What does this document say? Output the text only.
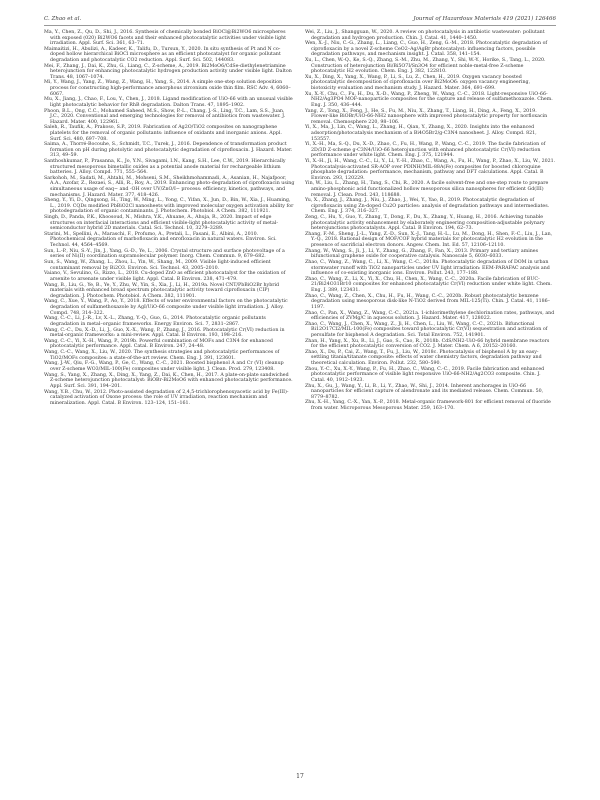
C. Zhao et al.	Journal of Hazardous Materials 419 (2021) 126466

Ma, Y., Chen, Z., Qu, D., Shi, J., 2016. Synthesis of chemically bonded BiOCl@Bi2WO6 microspheres with exposed (020) Bi2WO6 facets and their enhanced photocatalytic activities under visible light irradiation. Appl. Surf. Sci. 361, 63–71.

Maimaitizi, H., Abulizi, A., Kadeer, K., Talifu, D., Tursun, Y., 2020. In situ synthesis of Pt and N co-doped hollow hierarchical BiOCl microsphere as an efficient photocatalyst for organic pollutant degradation and photocatalytic CO2 reduction. Appl. Surf. Sci. 502, 144083.

Mei, F., Zhang, J., Dai, K., Zhu, G., Liang, C., Z-scheme, A., 2019. Bi2MoO6/CdSe-diethylenetriamine heterojunction for enhancing photocatalytic hydrogen production activity under visible light. Dalton Trans. 48, 1067–1074.

Mi, Y., Wang, J., Yang, Z., Wang, Z., Wang, H., Yang, S., 2014. A simple one-step solution deposition process for constructing high-performance amorphous zirconium oxide thin film. RSC Adv. 4, 6060–6067.

Mu, X., Jiang, J., Chao, F., Lou, Y., Chen, J., 2018. Ligand modification of UiO-66 with an unusual visible light photocatalytic behavior for RhB degradation. Dalton Trans. 47, 1895–1902.

Phoon, B.L., Ong, C.C., Mohamed Saheed, M.S., Show, P.-L., Chang, J.-S., Ling, T.C., Lam, S.S., Juan, J.C., 2020. Conventional and emerging technologies for removal of antibiotics from wastewater. J. Hazard. Mater. 400, 122961.

Saleh, R., Taufik, A., Prakoso, S.P., 2019. Fabrication of Ag2O/TiO2 composites on nanographene platelets for the removal of organic pollutants: influence of oxidants and inorganic anions. Appl. Surf. Sci. 480, 697–708.

Saima, A., Thorré-Bocouhe, S., Schmidt, T.C., Turek, J., 2016. Dependence of transformation product formation on pH during photolytic and photocatalytic degradation of ciprofloxacin. J. Hazard. Mater. 313, 49–59.

Santhoshkumar, P., Prasanna, K., Jo, Y.N., Sivagami, I.N., Kang, S.H., Lee, C.W., 2019. Hierarchically structured mesoporous bimetallic oxides as a potential anode material for rechargeable lithium batteries. J. Alloy. Compd. 771, 555–564.

Sarkohoh, M., Sadati, M., Ahtahi, M., Mohseni, S.M., Sheikhmohammadi, A., Asanian, H., Najafpoor, A.A., Azofar, Z., Rezaei, S., Alli, R., Roy, A., 2019. Enhancing photo-degradation of ciprofloxacin using simultaneous usage of eaq− and ·OH over UV/ZnO/I− process: efficiency, kinetics, pathways, and mechanisms. J. Hazard. Mater. 377, 418–426.

Sheng, Y., Yi, D., Qingsong, H., Ting, W., Ming, L., Yong, C., Yifan, X., Jun, D., Bin, W., Xia, J., Huaming, L., 2019. CQDs modified PbBiO2Cl nanosheets with improved molecular oxygen activation ability for photodegradation of organic contaminants. J. Photochem. Photobiol. A Chem. 382, 111921.

Singh, D., Panda, P.K., Khoosoud, N., Mishra, Y.K., Ahuane, A., Ahuja, R., 2020. Impact of edge structures on interfacial interactions and efficient visible-light photocatalytic activity of metal-semiconductor hybrid 2D materials. Catal. Sci. Technol. 10, 3279–3289.

Starini, M., Spellini, A., Maraschi, F., Profumo, A., Pretali, L., Fasani, E., Albini, A., 2010. Photochemical degradation of marbofloxacin and enrofloxacin in natural waters. Environ. Sci. Technol. 44, 4564–4569.

Sun, L.-P., Niu, S.-Y., Jin, J., Yang, G.-D., Ye, L., 2006. Crystal structure and surface photovoltage of a series of Ni(II) coordination supramolecular polymer. Inorg. Chem. Commun. 9, 679–682.

Sun, S., Wang, W., Zhang, L., Zhou, L., Yin, W., Shang, M., 2009. Visible light-induced efficient contaminant removal by Bi2O3. Environ. Sci. Technol. 43, 2005–2010.

Vaiano, V., Sevulino, G., Rizzo, L., 2018. Cu-doped ZnO as efficient photocatalyst for the oxidation of arsenite to arsenate under visible light. Appl. Catal. B Environ. 238, 471–479.

Wang, B., Liu, G., Ye, B., Ye, Y., Zhu, W., Yin, S., Xia, J., Li, H., 2019a. Novel CNT/PbBiO2Br hybrid materials with enhanced broad spectrum photocatalytic activity toward ciprofloxacin (CIP) degradation. J. Photochem. Photobiol. A Chem. 382, 111901.

Wang, C., Xue, Y., Wang, P., Ao, Y., 2018. Effects of water environmental factors on the photocatalytic degradation of sulfamethoxazole by AgI/UiO-66 composite under visible light irradiation. J. Alloy. Compd. 748, 314–322.

Wang, C.-C., Li, J.-R., Lv, X.-L., Zhang, Y.-Q., Guo, G., 2014. Photocatalytic organic pollutants degradation in metal–organic frameworks. Energy Environ. Sci. 7, 2831–2867.

Wang, C.-C., Du, X.-D., Li, J., Guo, X.-X., Wang, P., Zhang, J., 2016. Photocatalytic Cr(VI) reduction in metal-organic frameworks: a mini-review. Appl. Catal. B Environ. 193, 198–216.

Wang, C.-C., Yi, X.-H., Wang, P., 2019b. Powerful combination of MOFs and C3N4 for enhanced photocatalytic performance. Appl. Catal. B Environ. 247, 24–48.

Wang, C.-C., Wang, X., Liu, W., 2020. The synthesis strategies and photocatalytic performances of TiO2/MOFs composites: a state-of-the-art review. Chem. Eng. J. 391, 123601.

Wang, J.-W., Qiu, F.-G., Wang, P., Ge, C., Wang, C.-C., 2021. Boosted bisphenol A and Cr (VI) cleanup over Z-scheme WO3/MIL-100(Fe) composites under visible light. J. Clean. Prod. 279, 123408.

Wang, S., Yang, X., Zhang, X., Ding, X., Yang, Z., Dai, K., Chen, H., 2017. A plate-on-plate sandwiched Z-scheme heterojunction photocatalyst: BiOBr-Bi2MoO6 with enhanced photocatalytic performance. Appl. Surf. Sci. 391, 194–201.

Wang, Y.B., Chu, W., 2012. Photo-assisted degradation of 2,4,5-trichlorophenoxyacetic acid by Fe(III)-catalyzed activation of Oxone process: the role of UV irradiation, reaction mechanism and mineralization. Appl. Catal. B Environ. 123–124, 151–161.

Wei, Z., Liu, J., Shangguan, W., 2020. A review on photocatalysis in antibiotic wastewater: pollutant degradation and hydrogen production. Chin. J. Catal. 41, 1440–1450.

Wen, X.-J., Niu, C.-G., Zhang, L., Liang, C., Guo, H., Zeng, G.-M., 2018. Photocatalytic degradation of ciprofloxacin by a novel Z-scheme CeO2–Ag/AgBr photocatalyst: influencing factors, possible degradation pathways, and mechanism insight. J. Catal. 358, 141–154.

Xu, L., Chen, W.-Q., Ke, S.-Q., Zhang, S.-M., Zhu, M., Zhang, Y., Shi, W.-Y., Horike, S., Tang, L., 2020. Construction of heterojunction Bi/Bi5O7I/Sn3O4 for efficient noble-metal-free Z-scheme photocatalytic H2 evolution. Chem. Eng. J. 382, 122810.

Xu, X., Ding, X., Yang, X., Wang, P., Li, S., Lu, Z., Chen, H., 2019. Oxygen vacancy boosted photocatalytic decomposition of ciprofloxacin over Bi2MoO6: oxygen vacancy engineering, biotoxicity evaluation and mechanism study. J. Hazard. Mater. 364, 691–699.

Xu, X.-Y., Chu, C., Fu, H., Du, X.-D., Wang, P., Zheng, W., Wang, C.-C., 2018. Light-responsive UiO-66-NH2/Ag3PO4 MOF-nanoparticle composites for the capture and release of sulfamethoxazole. Chem. Eng. J. 350, 436–444.

Yang, Z., Tong, X., Feng, J., He, S., Fu, M., Niu, X., Zhang, T., Liang, H., Ding, A., Feng, X., 2019. Flower-like BiOBr/UiO-66-NH2 nanosphere with improved photocatalytic property for norfloxacin removal. Chemosphere 220, 98–106.

Yi, X., Ma, J., Lin, C., Wang, L., Zhang, H., Qian, Y., Zhang, X., 2020. Insights into the enhanced adsorption/photocatalysis mechanism of a Bi4O5Br2/g-C3N4 nanosheet. J. Alloy. Compd. 821, 153557.

Yi, X.-H., Ma, S.-Q., Du, X.-D., Zhao, C., Fu, H., Wang, P., Wang, C.-C., 2019. The facile fabrication of 2D/3D Z-scheme g-C3N4/UiO-66 heterojunction with enhanced photocatalytic Cr(VI) reduction performance under white light. Chem. Eng. J. 375, 121944.

Yi, X.-H., Ji, H., Wang, C.-C., Li, Y., Li, Y.-H., Zhao, C., Wang, A., Fu, H., Wang, P., Zhao, X., Liu, W., 2021. Photocatalysis-activated SR-AOP over PDINH/MIL-88A(Fe) composites for boosted chloroquine phosphate degradation: performance, mechanism, pathway and DFT calculations. Appl. Catal. B Environ. 293, 120229.

Yin, W., Liu, L., Zhang, H., Tang, S., Chi, R., 2020. A facile solvent-free and one-step route to prepare amino-phosphonic acid functionalized hollow mesoporous silica nanospheres for efficient Gd(III) removal. J. Clean. Prod. 243, 118688.

Yu, X., Zhang, J., Zhang, J., Niu, J., Zhao, J., Wei, Y., Yao, B., 2019. Photocatalytic degradation of ciprofloxacin using Zn-doped Cu2O particles: analysis of degradation pathways and intermediates. Chem. Eng. J. 374, 316–327.

Zeng, C., Hu, Y., Guo, Y., Zhang, T., Dong, F., Du, X., Zhang, Y., Huang, H., 2016. Achieving tunable photocatalytic activity enhancement by elaborately engineering composition-adjustable polynary heterojunctions photocatalysts. Appl. Catal. B Environ. 194, 62–73.

Zhang, F.-M., Sheng, J.-L., Yang, Z.-D., Sun, X.-J., Tang, H.-L., Lu, M., Dong, H., Shen, F.-C., Liu, J., Lan, Y.-Q., 2018. Rational design of MOF/COF hybrid materials for photocatalytic H2 evolution in the presence of sacrificial electron donors. Angew. Chem. Int. Ed. 57, 12106–12110.

Zhang, W., Wang, S., Ji, J., Li, Y., Zhang, G., Zhang, F., Fan, X., 2013. Primary and tertiary amines bifunctional graphene oxide for cooperative catalysis. Nanoscale 5, 6030–6033.

Zhao, C., Wang, Z., Wang, C., Li, X., Wang, C.-C., 2018a. Photocatalytic degradation of DOM in urban stormwater runoff with TiO2 nanoparticles under UV light irradiation: EEM-PARAFAC analysis and influence of co-existing inorganic ions. Environ. Pollut. 243, 177–188.

Zhao, C., Wang, Z., Li, X., Yi, X., Chu, H., Chen, X., Wang, C.-C., 2020a. Facile fabrication of BUC-21/Bi24O31Br10 composites for enhanced photocatalytic Cr(VI) reduction under white light. Chem. Eng. J. 389, 123431.

Zhao, C., Wang, Z., Chen, X., Chu, H., Fu, H., Wang, C.-C., 2020b. Robust photocatalytic benzene degradation using mesoporous disk-like N-TiO2 derived from MIL-125(Ti). Chin. J. Catal. 41, 1186–1197.

Zhao, C., Pan, X., Wang, Z., Wang, C.-C., 2021a. 1-ichlorimethylene dechlorination rates, pathways, and efficiencies of ZVMg/C in aqueous solution. J. Hazard. Mater. 417, 128022.

Zhao, C., Wang, J., Chen, X., Wang, Z., Ji, H., Chen, L., Liu, W., Wang, C.-C., 2021b. Bifunctional Bi12O17Cl2/MIL-100(Fe) composites toward photocatalytic Cr(VI) sequestration and activation of persulfate for bisphenol A degradation. Sci. Total Environ. 752, 141901.

Zhan, H., Yang, X., Xu, R., Li, J., Gao, S., Cao, R., 2018b. CdS/NH2-UiO-66 hybrid membrane reactors for the efficient photocatalytic conversion of CO2. J. Mater. Chem. A 6, 20152–20160.

Zhao, X., Du, P., Cai, Z., Wang, T., Fu, J., Liu, W., 2018c. Photocatalysis of bisphenol A by an easy-settling titania/titanate composite: effects of water chemistry factors, degradation pathway and theoretical calculation. Environ. Pollut. 232, 580–590.

Zhou, Y.-C., Xu, X.-Y., Wang, P., Fu, H., Zhao, C., Wang, C.-C., 2019. Facile fabrication and enhanced photocatalytic performance of visible light responsive UiO-66-NH2/Ag2CO3 composite. Chin. J. Catal. 40, 1912–1923.

Zhu, X., Gu, J., Wang, Y., Li, B., Li, Y., Zhao, W., Shi, J., 2014. Inherent anchorages in UiO-66 nanoparticles for efficient capture of alendronate and its mediated release. Chem. Commun. 50, 8779–8782.

Zhu, X.-H., Yang, C.-X., Yan, X.-P., 2018. Metal-organic framework-801 for efficient removal of fluoride from water. Microporous Mesoporous Mater. 259, 163–170.

17
